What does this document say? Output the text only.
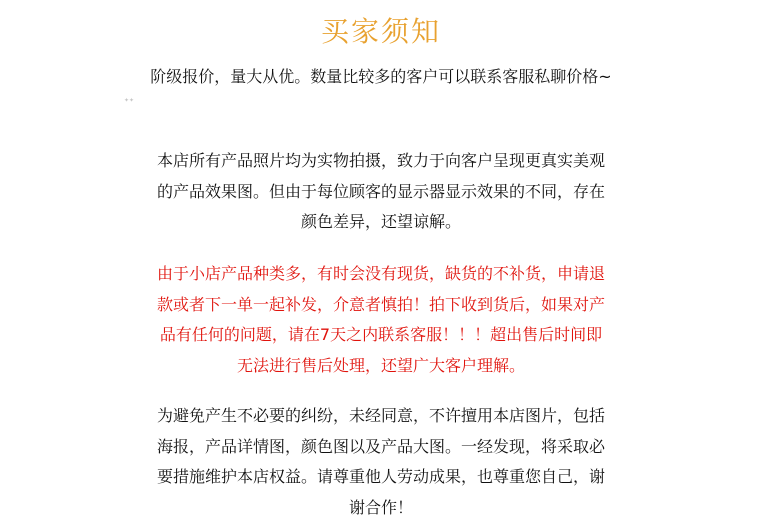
买家须知
阶级报价，量大从优。数量比较多的客户可以联系客服私聊价格~
✦✦
本店所有产品照片均为实物拍摄，致力于向客户呈现更真实美观
的产品效果图。但由于每位顾客的显示器显示效果的不同，存在
颜色差异，还望谅解。
由于小店产品种类多，有时会没有现货，缺货的不补货，申请退
款或者下一单一起补发，介意者慎拍！拍下收到货后，如果对产
品有任何的问题，请在7天之内联系客服！！！超出售后时间即
无法进行售后处理，还望广大客户理解。
为避免产生不必要的纠纷，未经同意，不许擅用本店图片，包括
海报，产品详情图，颜色图以及产品大图。一经发现，将采取必
要措施维护本店权益。请尊重他人劳动成果，也尊重您自己，谢
谢合作！
